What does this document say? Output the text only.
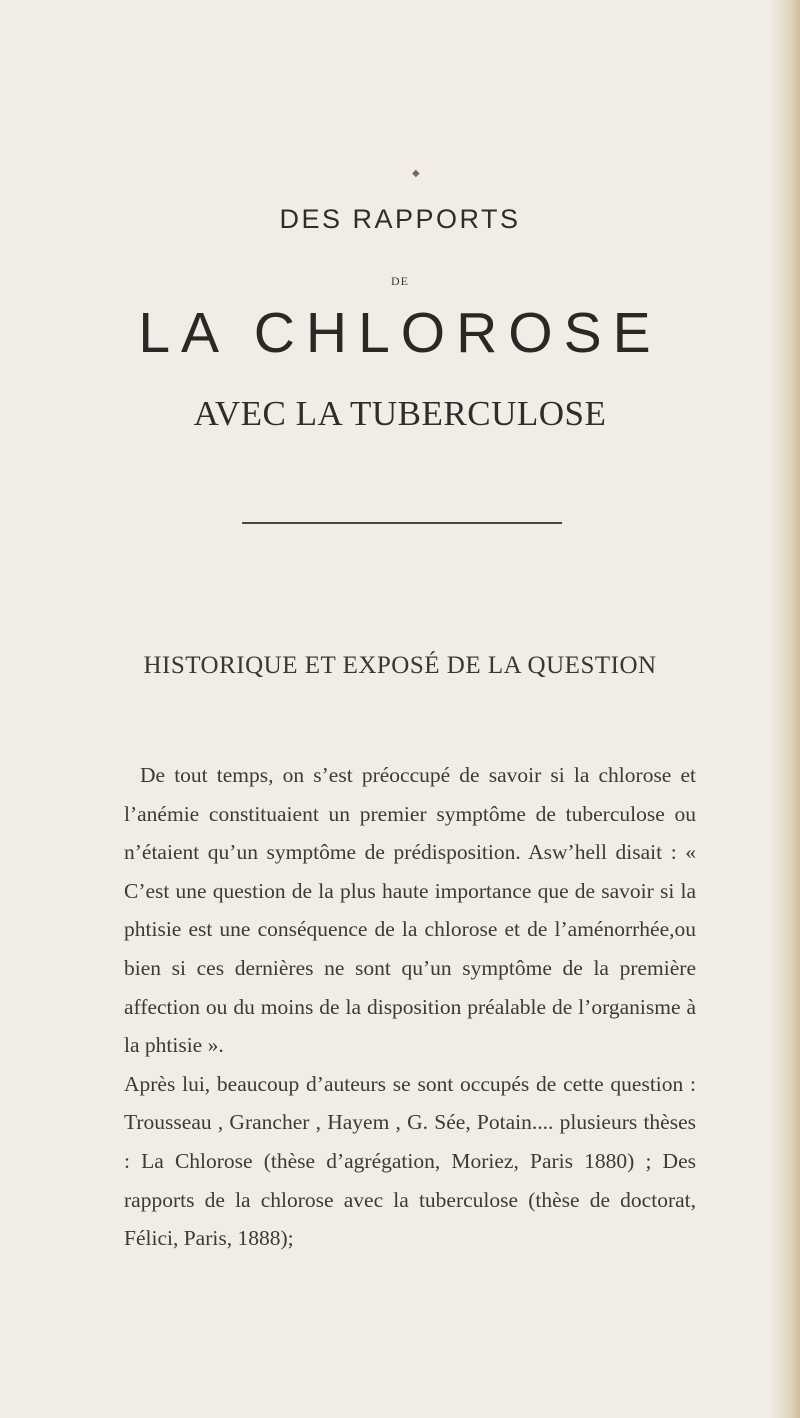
◆
DES RAPPORTS
DE
LA CHLOROSE
AVEC LA TUBERCULOSE
HISTORIQUE ET EXPOSÉ DE LA QUESTION

De tout temps, on s’est préoccupé de savoir si la chlorose et l’anémie constituaient un premier symptôme de tuberculose ou n’étaient qu’un symptôme de prédisposition. Asw’hell disait : « C’est une question de la plus haute importance que de savoir si la phtisie est une conséquence de la chlorose et de l’aménorrhée,ou bien si ces dernières ne sont qu’un symptôme de la première affection ou du moins de la disposition préalable de l’organisme à la phtisie ».

Après lui, beaucoup d’auteurs se sont occupés de cette question : Trousseau , Grancher , Hayem , G. Sée, Potain.... plusieurs thèses : La Chlorose (thèse d’agrégation, Moriez, Paris 1880) ; Des rapports de la chlorose avec la tuberculose (thèse de doctorat, Félici, Paris, 1888);
